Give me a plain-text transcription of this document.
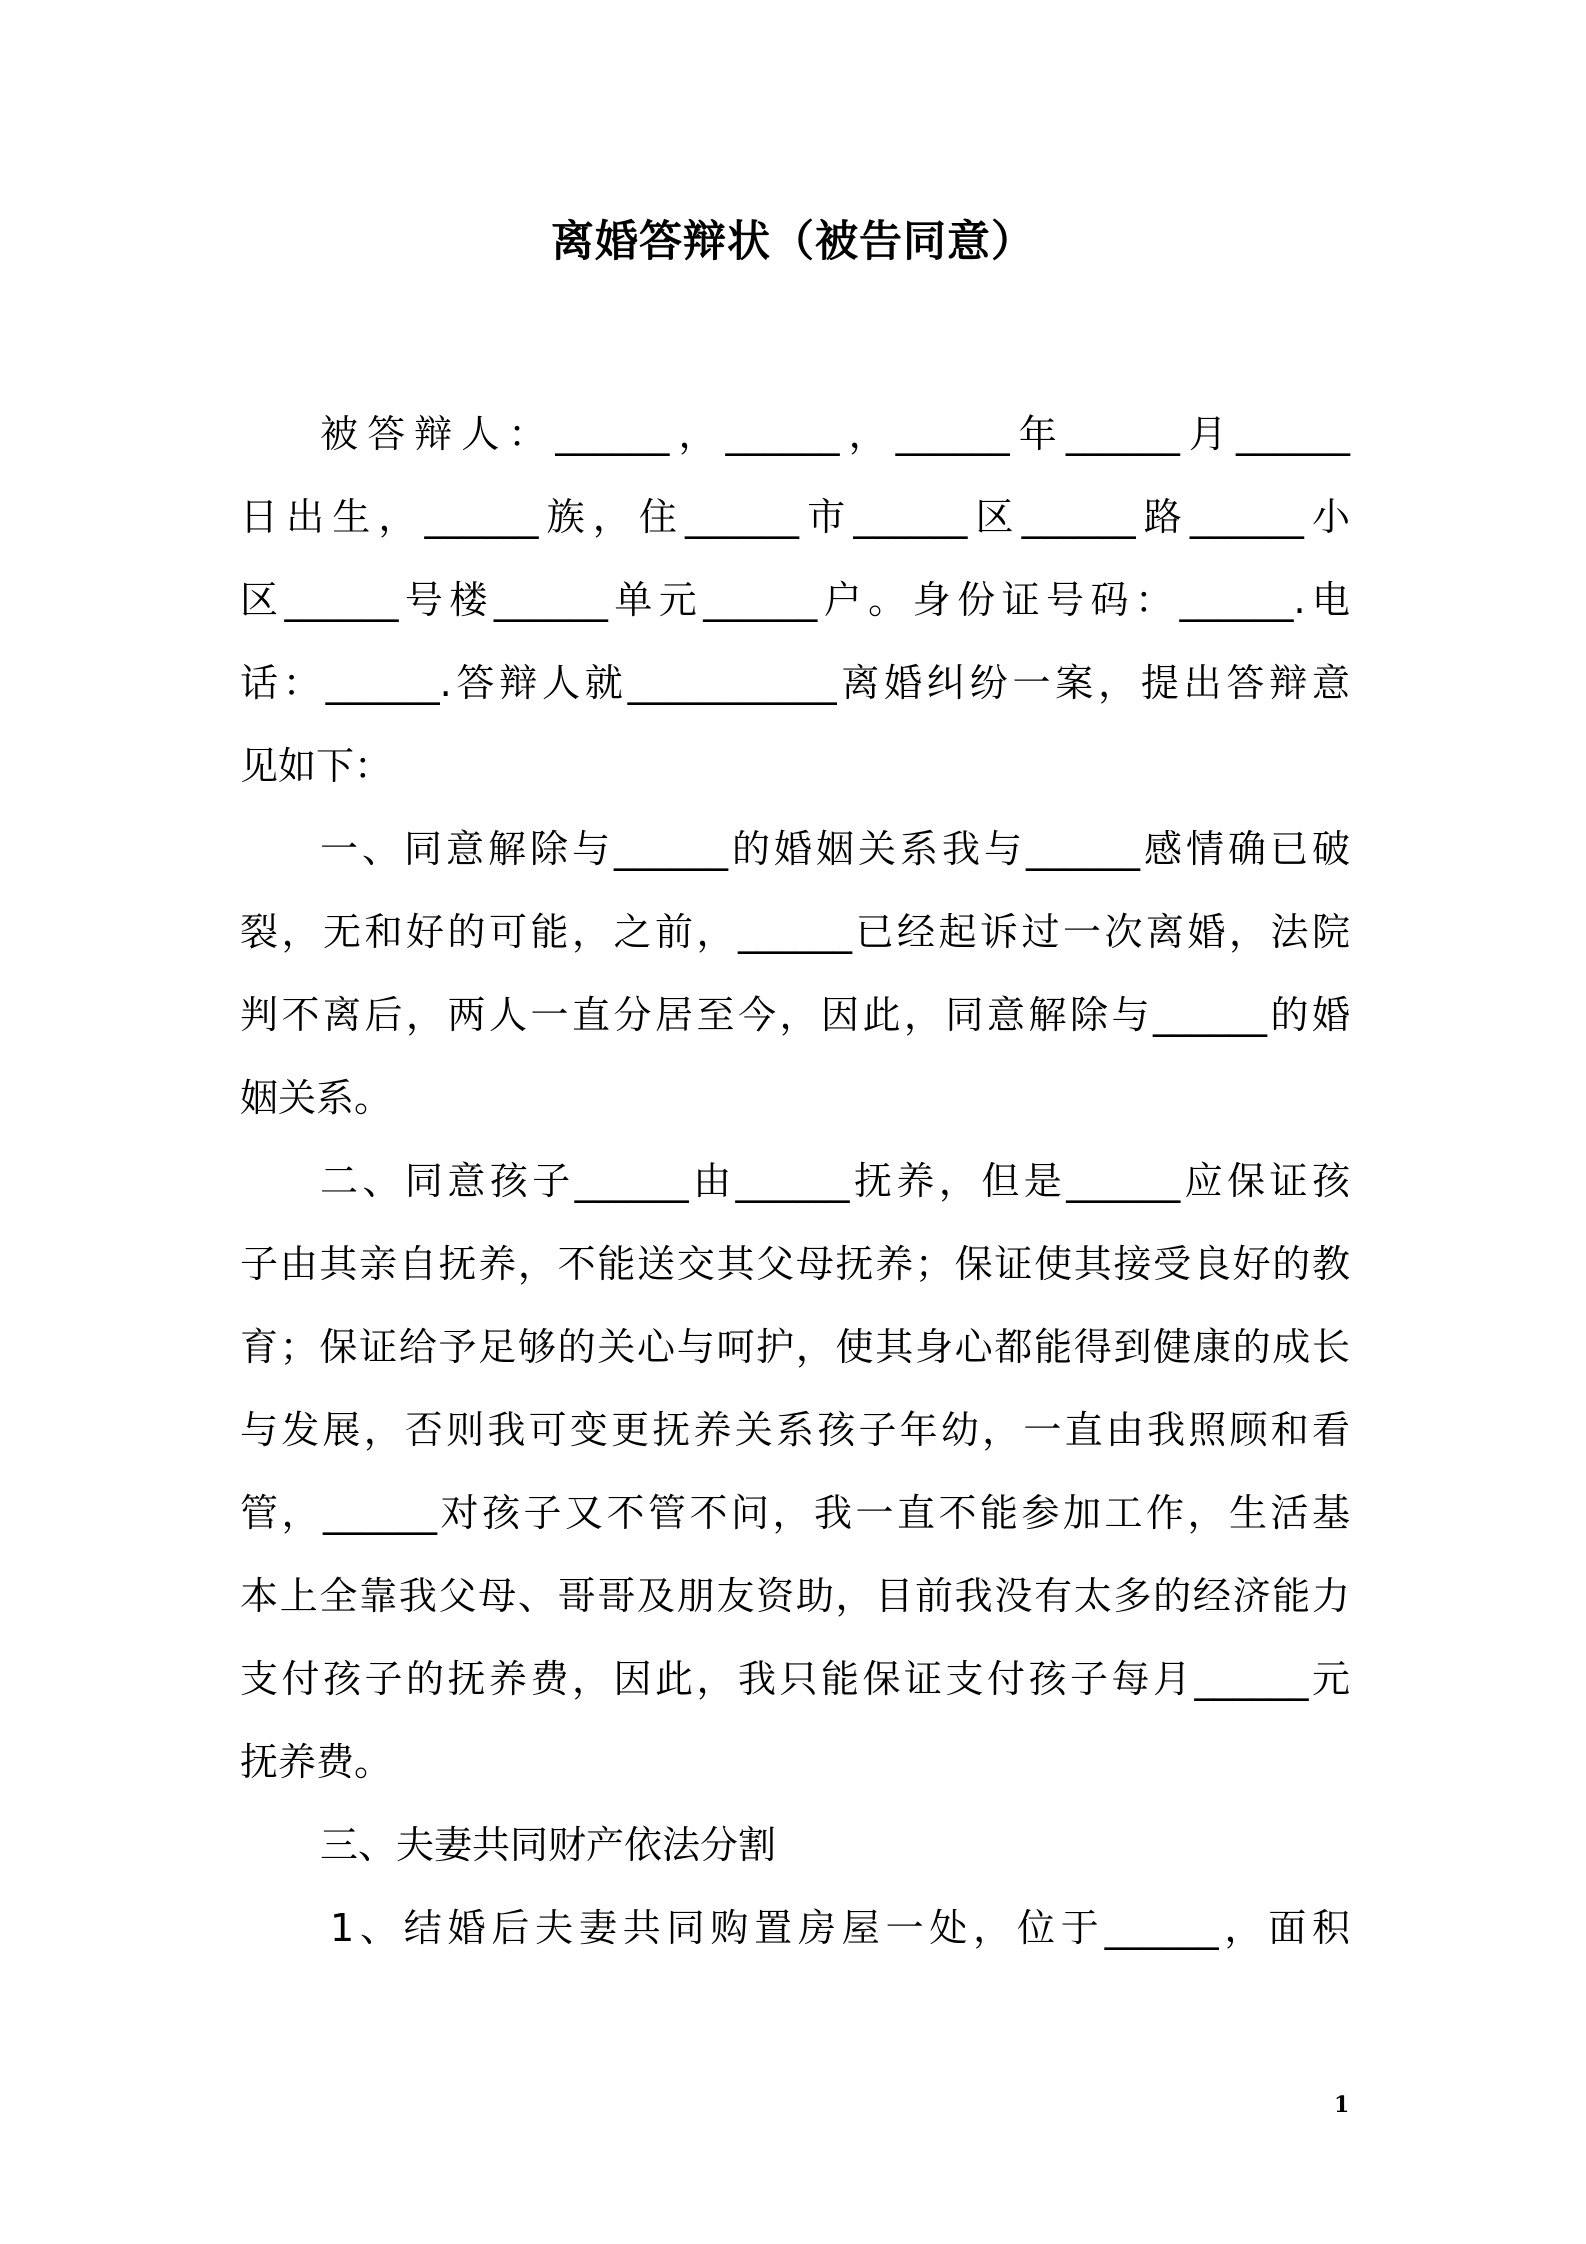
离婚答辩状（被告同意）

被答辩人：______，______，______年______月______

日出生，______族，住______市______区______路______小

区______号楼______单元______户。身份证号码：______.电

话：______.答辩人就___________离婚纠纷一案，提出答辩意

见如下：

一、同意解除与______的婚姻关系我与______感情确已破

裂，无和好的可能，之前，______已经起诉过一次离婚，法院

判不离后，两人一直分居至今，因此，同意解除与______的婚

姻关系。

二、同意孩子______由______抚养，但是______应保证孩

子由其亲自抚养，不能送交其父母抚养；保证使其接受良好的教

育；保证给予足够的关心与呵护，使其身心都能得到健康的成长

与发展，否则我可变更抚养关系孩子年幼，一直由我照顾和看

管，______对孩子又不管不问，我一直不能参加工作，生活基

本上全靠我父母、哥哥及朋友资助，目前我没有太多的经济能力

支付孩子的抚养费，因此，我只能保证支付孩子每月______元

抚养费。

三、夫妻共同财产依法分割

1、结婚后夫妻共同购置房屋一处，位于______，面积

1
